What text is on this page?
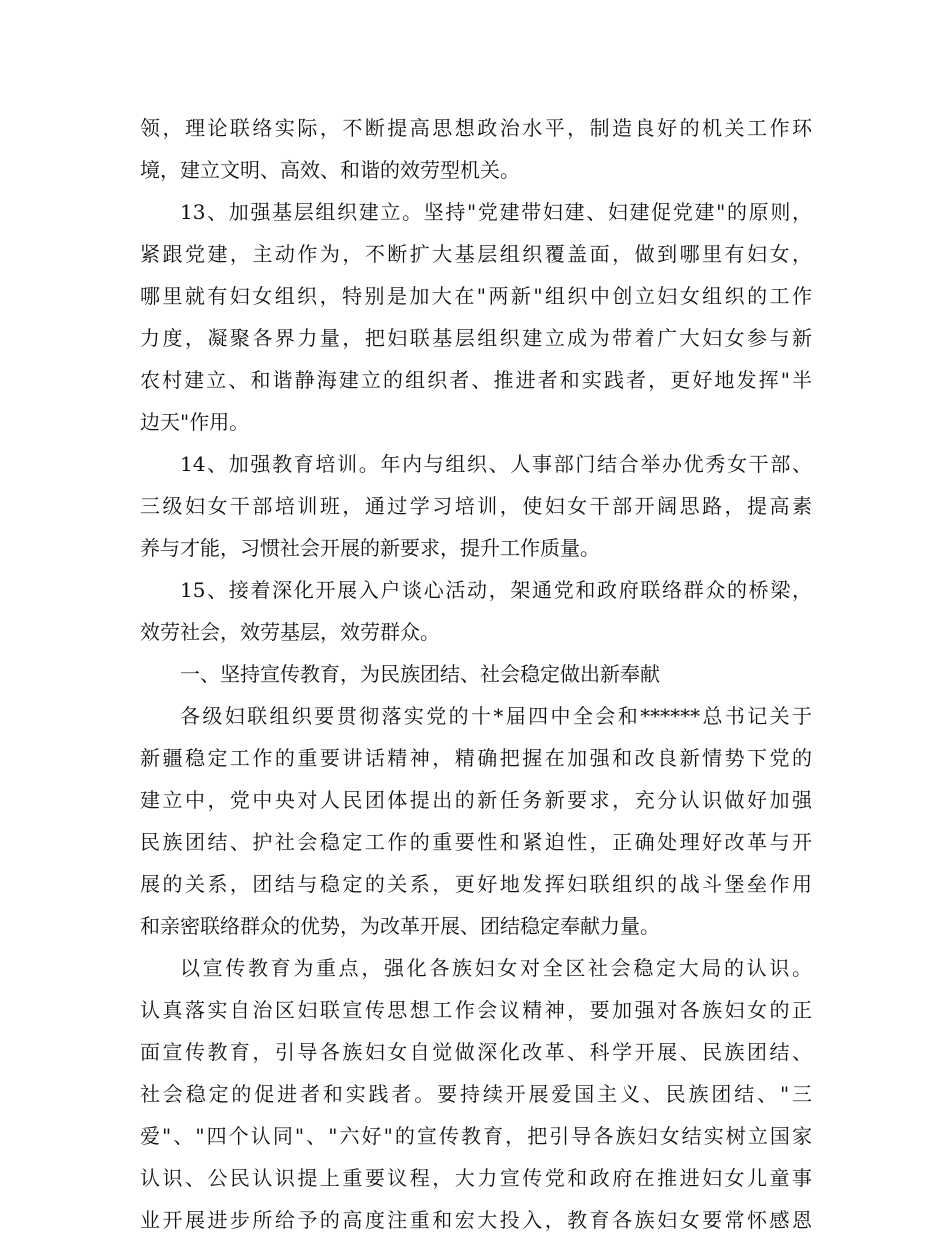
领，理论联络实际，不断提高思想政治水平，制造良好的机关工作环
境，建立文明、高效、和谐的效劳型机关。
13、加强基层组织建立。坚持"党建带妇建、妇建促党建"的原则，
紧跟党建，主动作为，不断扩大基层组织覆盖面，做到哪里有妇女，
哪里就有妇女组织，特别是加大在"两新"组织中创立妇女组织的工作
力度，凝聚各界力量，把妇联基层组织建立成为带着广大妇女参与新
农村建立、和谐静海建立的组织者、推进者和实践者，更好地发挥"半
边天"作用。
14、加强教育培训。年内与组织、人事部门结合举办优秀女干部、
三级妇女干部培训班，通过学习培训，使妇女干部开阔思路，提高素
养与才能，习惯社会开展的新要求，提升工作质量。
15、接着深化开展入户谈心活动，架通党和政府联络群众的桥梁，
效劳社会，效劳基层，效劳群众。
一、坚持宣传教育，为民族团结、社会稳定做出新奉献
各级妇联组织要贯彻落实党的十*届四中全会和******总书记关于
新疆稳定工作的重要讲话精神，精确把握在加强和改良新情势下党的
建立中，党中央对人民团体提出的新任务新要求，充分认识做好加强
民族团结、护社会稳定工作的重要性和紧迫性，正确处理好改革与开
展的关系，团结与稳定的关系，更好地发挥妇联组织的战斗堡垒作用
和亲密联络群众的优势，为改革开展、团结稳定奉献力量。
以宣传教育为重点，强化各族妇女对全区社会稳定大局的认识。
认真落实自治区妇联宣传思想工作会议精神，要加强对各族妇女的正
面宣传教育，引导各族妇女自觉做深化改革、科学开展、民族团结、
社会稳定的促进者和实践者。要持续开展爱国主义、民族团结、"三
爱"、"四个认同"、"六好"的宣传教育，把引导各族妇女结实树立国家
认识、公民认识提上重要议程，大力宣传党和政府在推进妇女儿童事
业开展进步所给予的高度注重和宏大投入，教育各族妇女要常怀感恩
